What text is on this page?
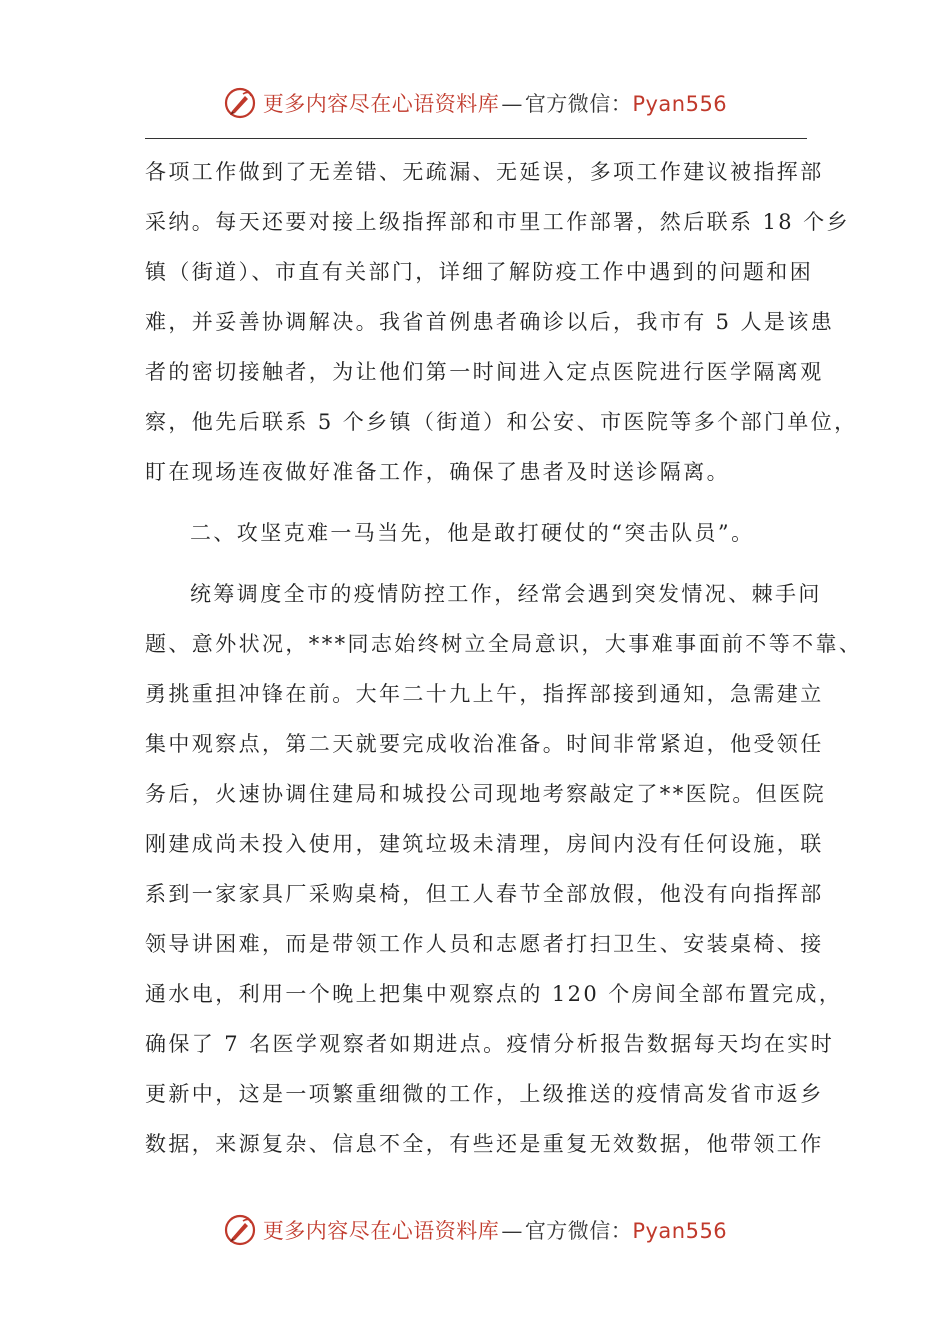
更多内容尽在心语资料库—官方微信：Pyan556
各项工作做到了无差错、无疏漏、无延误，多项工作建议被指挥部
采纳。每天还要对接上级指挥部和市里工作部署，然后联系 18 个乡
镇（街道）、市直有关部门，详细了解防疫工作中遇到的问题和困
难，并妥善协调解决。我省首例患者确诊以后，我市有 5 人是该患
者的密切接触者，为让他们第一时间进入定点医院进行医学隔离观
察，他先后联系 5 个乡镇（街道）和公安、市医院等多个部门单位，
盯在现场连夜做好准备工作，确保了患者及时送诊隔离。
二、攻坚克难一马当先，他是敢打硬仗的“突击队员”。
统筹调度全市的疫情防控工作，经常会遇到突发情况、棘手问
题、意外状况，***同志始终树立全局意识，大事难事面前不等不靠、
勇挑重担冲锋在前。大年二十九上午，指挥部接到通知，急需建立
集中观察点，第二天就要完成收治准备。时间非常紧迫，他受领任
务后，火速协调住建局和城投公司现地考察敲定了**医院。但医院
刚建成尚未投入使用，建筑垃圾未清理，房间内没有任何设施，联
系到一家家具厂采购桌椅，但工人春节全部放假，他没有向指挥部
领导讲困难，而是带领工作人员和志愿者打扫卫生、安装桌椅、接
通水电，利用一个晚上把集中观察点的 120 个房间全部布置完成，
确保了 7 名医学观察者如期进点。疫情分析报告数据每天均在实时
更新中，这是一项繁重细微的工作，上级推送的疫情高发省市返乡
数据，来源复杂、信息不全，有些还是重复无效数据，他带领工作
更多内容尽在心语资料库—官方微信：Pyan556
